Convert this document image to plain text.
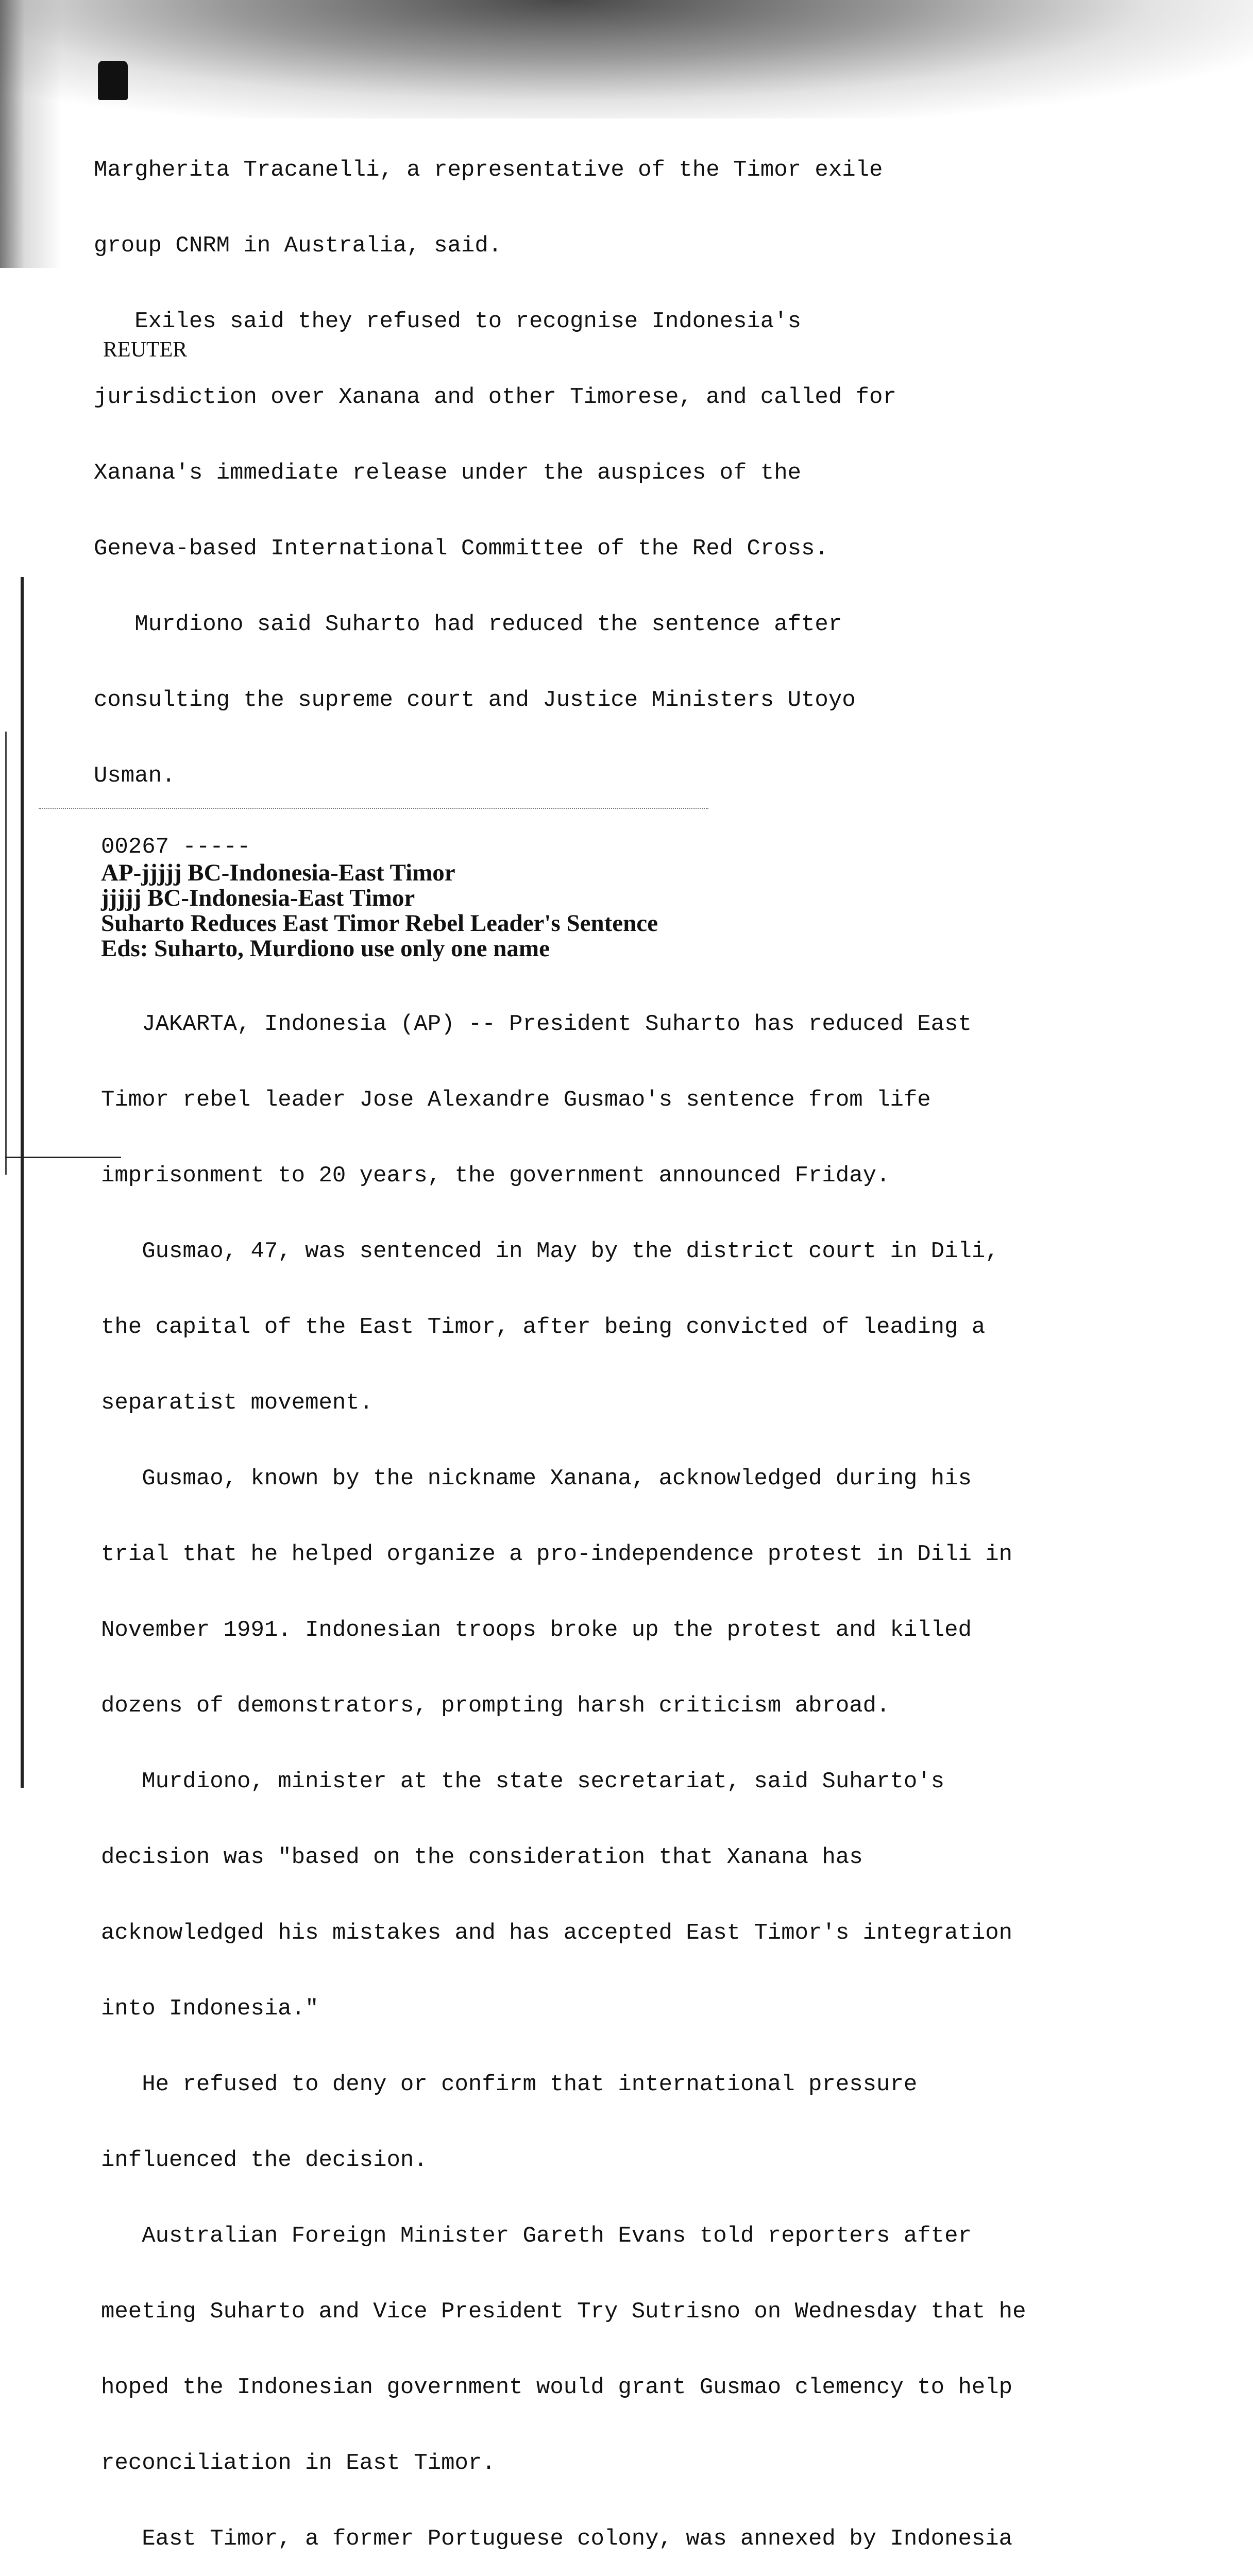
Margherita Tracanelli, a representative of the Timor exile

group CNRM in Australia, said.

Exiles said they refused to recognise Indonesia's

jurisdiction over Xanana and other Timorese, and called for

Xanana's immediate release under the auspices of the

Geneva-based International Committee of the Red Cross.

Murdiono said Suharto had reduced the sentence after

consulting the supreme court and Justice Ministers Utoyo

Usman.

REUTER
00267 -----
AP-jjjjj BC-Indonesia-East Timor
jjjjj BC-Indonesia-East Timor
Suharto Reduces East Timor Rebel Leader's Sentence
Eds: Suharto, Murdiono use only one name

JAKARTA, Indonesia (AP) -- President Suharto has reduced East

Timor rebel leader Jose Alexandre Gusmao's sentence from life

imprisonment to 20 years, the government announced Friday.

Gusmao, 47, was sentenced in May by the district court in Dili,

the capital of the East Timor, after being convicted of leading a

separatist movement.

Gusmao, known by the nickname Xanana, acknowledged during his

trial that he helped organize a pro-independence protest in Dili in

November 1991. Indonesian troops broke up the protest and killed

dozens of demonstrators, prompting harsh criticism abroad.

Murdiono, minister at the state secretariat, said Suharto's

decision was "based on the consideration that Xanana has

acknowledged his mistakes and has accepted East Timor's integration

into Indonesia."

He refused to deny or confirm that international pressure

influenced the decision.

Australian Foreign Minister Gareth Evans told reporters after

meeting Suharto and Vice President Try Sutrisno on Wednesday that he

hoped the Indonesian government would grant Gusmao clemency to help

reconciliation in East Timor.

East Timor, a former Portuguese colony, was annexed by Indonesia
